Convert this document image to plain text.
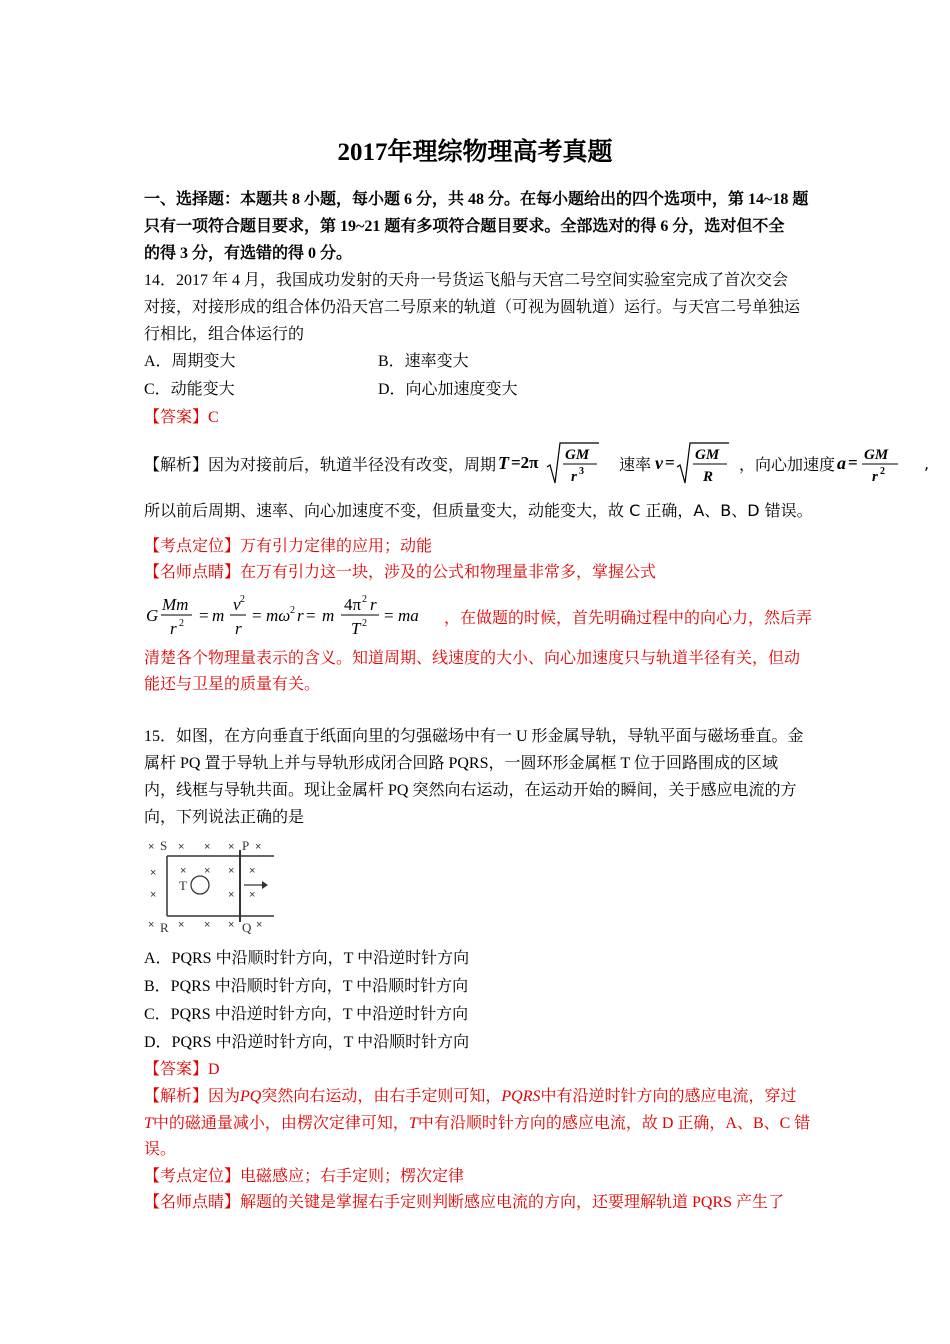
2017年理综物理高考真题
一、选择题：本题共 8 小题，每小题 6 分，共 48 分。在每小题给出的四个选项中，第 14~18 题
只有一项符合题目要求，第 19~21 题有多项符合题目要求。全部选对的得 6 分，选对但不全
的得 3 分，有选错的得 0 分。
14．2017 年 4 月，我国成功发射的天舟一号货运飞船与天宫二号空间实验室完成了首次交会
对接，对接形成的组合体仍沿天宫二号原来的轨道（可视为圆轨道）运行。与天宫二号单独运
行相比，组合体运行的
A．周期变大	B．速率变大
C．动能变大	D．向心加速度变大
【答案】C
【解析】因为对接前后，轨道半径没有改变，周期 T =2π GM
r 3 速率 v = GM
R
，向心加速度 a = GM
r 2 ,
所以前后周期、速率、向心加速度不变，但质量变大，动能变大，故 C 正确，A、B、D 错误。
【考点定位】万有引力定律的应用；动能
【名师点睛】在万有引力这一块，涉及的公式和物理量非常多，掌握公式
G
Mm
r
= m
v
r
= mω r = m
4π r
T
= ma
2
2
2
2
2	，在做题的时候，首先明确过程中的向心力，然后弄
清楚各个物理量表示的含义。知道周期、线速度的大小、向心加速度只与轨道半径有关，但动
能还与卫星的质量有关。
15．如图，在方向垂直于纸面向里的匀强磁场中有一 U 形金属导轨，导轨平面与磁场垂直。金
属杆 PQ 置于导轨上并与导轨形成闭合回路 PQRS，一圆环形金属框 T 位于回路围成的区域
内，线框与导轨共面。现让金属杆 PQ 突然向右运动，在运动开始的瞬间，关于感应电流的方
向，下列说法正确的是
× × × × ×
× × × × ×
×	× ×
× × × × ×
S	P
T
R	Q
A．PQRS 中沿顺时针方向，T 中沿逆时针方向
B．PQRS 中沿顺时针方向，T 中沿顺时针方向
C．PQRS 中沿逆时针方向，T 中沿逆时针方向
D．PQRS 中沿逆时针方向，T 中沿顺时针方向
【答案】D
【解析】因为PQ突然向右运动，由右手定则可知，PQRS中有沿逆时针方向的感应电流，穿过
T中的磁通量减小，由楞次定律可知，T中有沿顺时针方向的感应电流，故 D 正确，A、B、C 错
误。
【考点定位】电磁感应；右手定则；楞次定律
【名师点睛】解题的关键是掌握右手定则判断感应电流的方向，还要理解轨道 PQRS 产生了
